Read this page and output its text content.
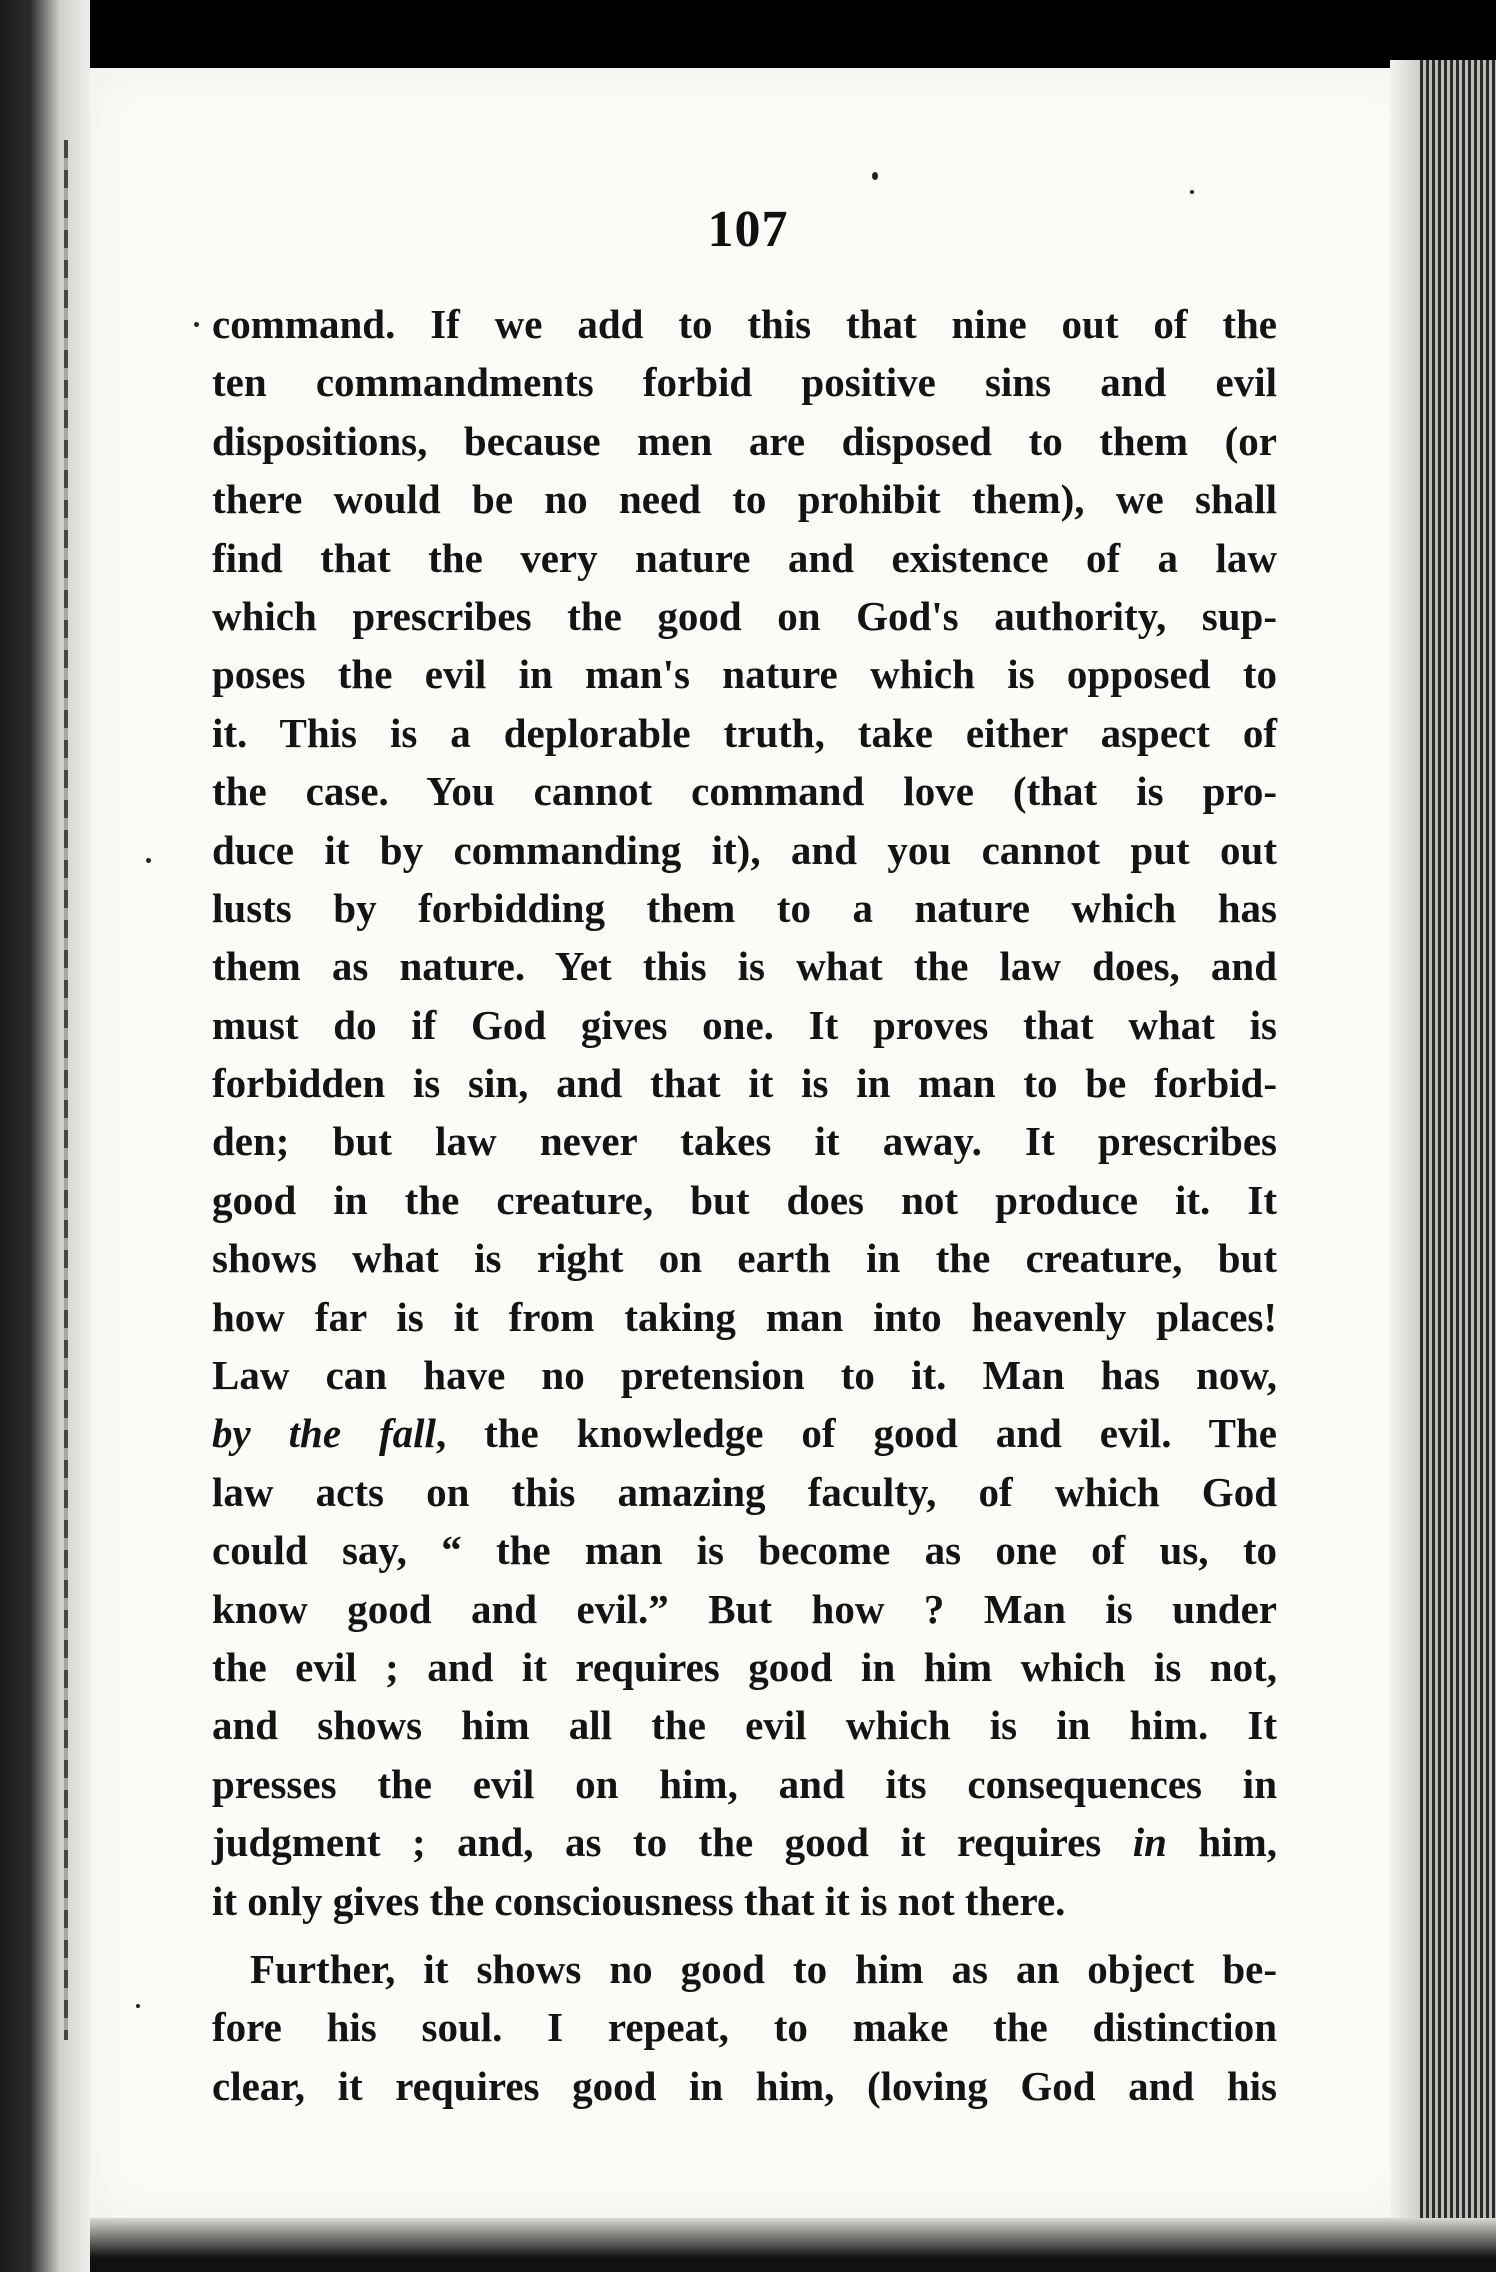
107
command. If we add to this that nine out of the
ten commandments forbid positive sins and evil
dispositions, because men are disposed to them (or
there would be no need to prohibit them), we shall
find that the very nature and existence of a law
which prescribes the good on God's authority, sup-
poses the evil in man's nature which is opposed to
it. This is a deplorable truth, take either aspect of
the case. You cannot command love (that is pro-
duce it by commanding it), and you cannot put out
lusts by forbidding them to a nature which has
them as nature. Yet this is what the law does, and
must do if God gives one. It proves that what is
forbidden is sin, and that it is in man to be forbid-
den; but law never takes it away. It prescribes
good in the creature, but does not produce it. It
shows what is right on earth in the creature, but
how far is it from taking man into heavenly places!
Law can have no pretension to it. Man has now,
by the fall, the knowledge of good and evil. The
law acts on this amazing faculty, of which God
could say, “ the man is become as one of us, to
know good and evil.” But how ? Man is under
the evil ; and it requires good in him which is not,
and shows him all the evil which is in him. It
presses the evil on him, and its consequences in
judgment ; and, as to the good it requires in him,
it only gives the consciousness that it is not there.
Further, it shows no good to him as an object be-
fore his soul. I repeat, to make the distinction
clear, it requires good in him, (loving God and his
